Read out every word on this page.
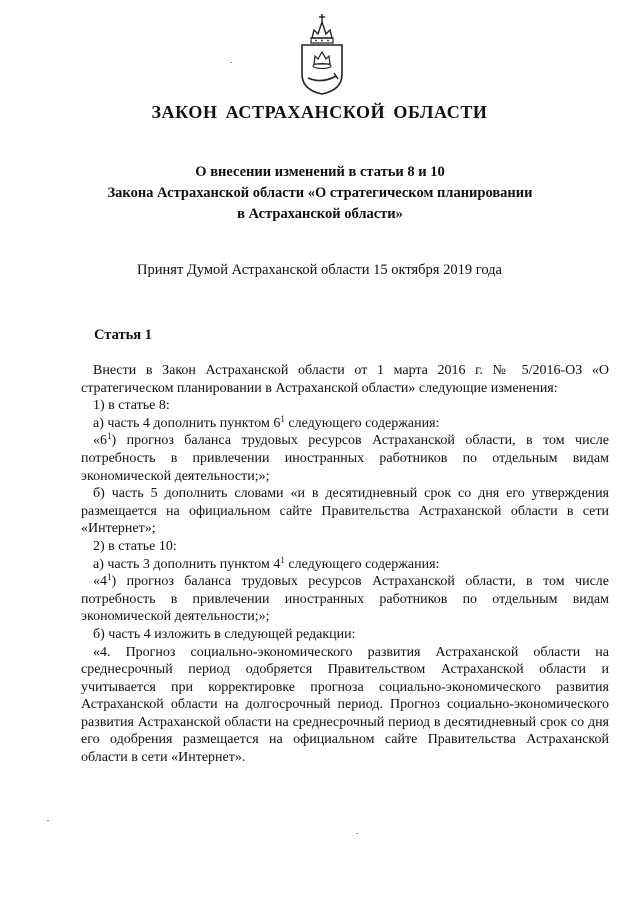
ЗАКОН АСТРАХАНСКОЙ ОБЛАСТИ
О внесении изменений в статьи 8 и 10
Закона Астраханской области «О стратегическом планировании
в Астраханской области»
Принят Думой Астраханской области 15 октября 2019 года
Статья 1

Внести в Закон Астраханской области от 1 марта 2016 г. № 5/2016-ОЗ «О стратегическом планировании в Астраханской области» следующие изменения:

1) в статье 8:

а) часть 4 дополнить пунктом $6^1$ следующего содержания:

«$6^1$) прогноз баланса трудовых ресурсов Астраханской области, в том числе потребность в привлечении иностранных работников по отдельным видам экономической деятельности;»;

б) часть 5 дополнить словами «и в десятидневный срок со дня его утверждения размещается на официальном сайте Правительства Астраханской области в сети «Интернет»;

2) в статье 10:

а) часть 3 дополнить пунктом $4^1$ следующего содержания:

«$4^1$) прогноз баланса трудовых ресурсов Астраханской области, в том числе потребность в привлечении иностранных работников по отдельным видам экономической деятельности;»;

б) часть 4 изложить в следующей редакции:

«4. Прогноз социально-экономического развития Астраханской области на среднесрочный период одобряется Правительством Астраханской области и учитывается при корректировке прогноза социально-экономического развития Астраханской области на долгосрочный период. Прогноз социально-экономического развития Астраханской области на среднесрочный период в десятидневный срок со дня его одобрения размещается на официальном сайте Правительства Астраханской области в сети «Интернет».
